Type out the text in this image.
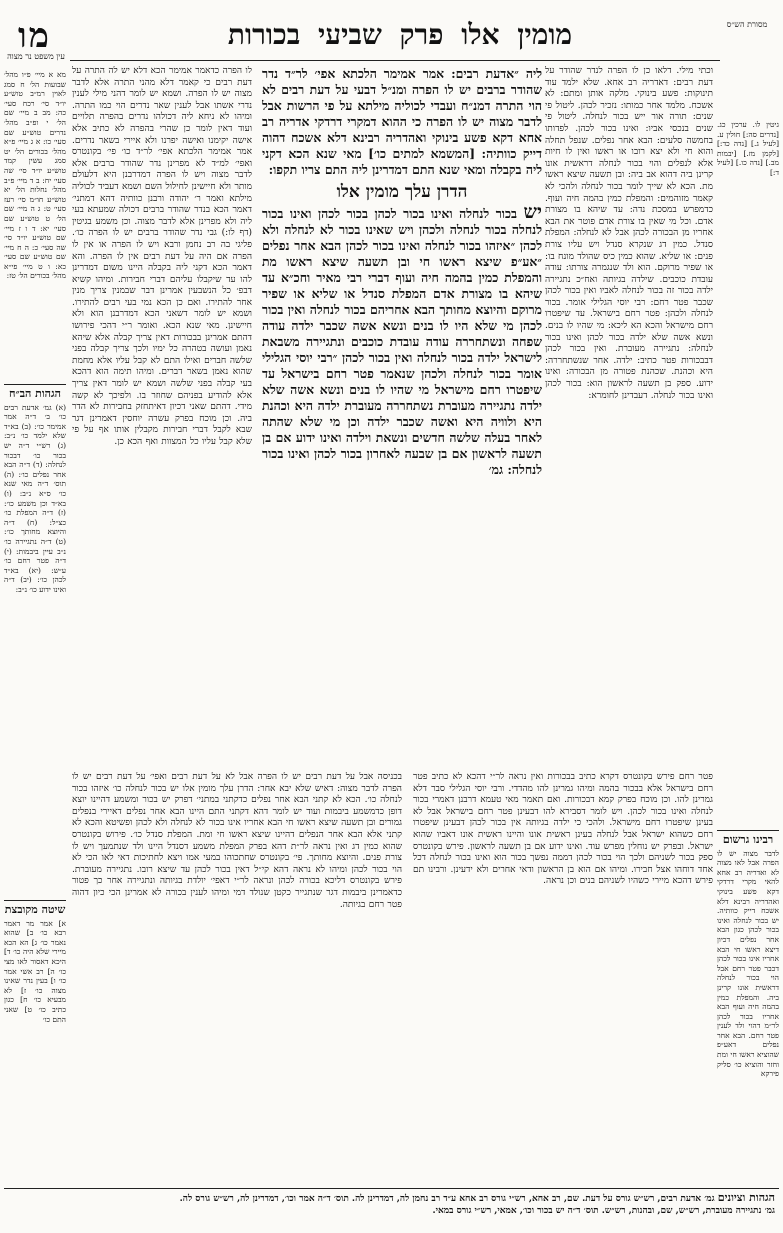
מו	מומין אלו פרק שביעי בכורות	מסורת הש״ס
עין משפט נר מצוה
וכתי מילי. דלאו כן לו הפרה לנדר שהודר על דעת רבים: דאדריה רב אחא. שלא ילמד עוד תינוקות: פשע בינוקי. מלקה אותן ומתם: לא אשכח. מלמד אחר כמותו: נזכיר לכהן. ליטול פי שנים: תורה אור ייש בכור לנחלה. ליטול פי שנים בנכסי אביו: ואינו בכור לכהן. לפדותו בחמשה סלעים: הבא אחר נפלים. שנפל תחלה והוא חי ולא יצא רובו או ראשו ואין לו חיות אלא לנפלים והוי בכור לנחלה דראשית אונו קרינן ביה דהוא אב ביה: ובן תשעה שיצא ראשו מת. הכא לא שייך לומר בכור לנחלה ולהכי לא קאמר מזוהמים: והמפלת כמין בהמה חיה ועוף. כדמפרש במסכת נדה: עד שיהא בו מצורת אדם. וכל מי שאין בו צורת אדם פוטר את הבא אחריו מן הבכורה לכהן אבל לא לנחלה: המפלת סנדל. כמין דג שנקרא סנדל ויש עליו צורת פנים: או שליא. שהוא כמין כיס שהולד מונח בו: או שפיר מרוקם. הוא ולד שנגמרה צורתו: עודה עובדת כוכבים. שילדה בגיותה ואח״כ נתגיירה ילדה בכור זה בכור לנחלה לאביו ואין בכור לכהן שכבר פטר רחם: רבי יוסי הגלילי אומר. בכור לנחלה ולכהן: פטר רחם בישראל. עד שיפטרו רחם מישראל והכא הא ליכא: מי שהיו לו בנים. ונשא אשה שלא ילדה בכור לכהן ואינו בכור לנחלה: נתגיירה מעוברת. ואין בכור לכהן דבבכורות פטר כתיב: ילדה. אחר שנשתחררה: היא וכהנת. שכהנת פטורה מן הבכורה: ואינו ידוע. ספק בן תשעה לראשון הוא: בכור לכהן ואינו בכור לנחלה. דעבדינן לחומרא:
גיטין לו. ערכין כג. [נדרים סה:] חולין ע. [לעיל ג.] [נדה כד:] [לקמן מז.] [יבמות מב.] [נדה כו.] [לעיל ד:]
ליה ״אדעת רבים: אמר אמימר הלכתא אפי׳ לר״ד נדר שהודר ברבים יש לו הפרה ומנ״ל דבעי על דעת רבים לא הוי התרה דמנ״ח ועבדי לכוליה מילתא על פי הרשות אבל לדבר מצוה יש לו הפרה כי ההוא דמקרי דרדקי אדריה רב אחא דקא פשע בינוקי ואהדריה רבינא דלא אשכח דהוה דייק כוותיה: [המשמא למתים כו׳] מאי שנא הכא דקני ליה בקבלה ומאי שנא התם דמדרינן ליה התם צריו תקפו:
הדרן עלך מומין אלו
יש בכור לנחלה ואינו בכור לכהן בכור לכהן ואינו בכור לנחלה בכור לנחלה ולכהן ויש שאינו בכור לא לנחלה ולא לכהן ״איזהו בכור לנחלה ואינו בכור לכהן הבא אחר נפלים ״אע״פ שיצא ראשו חי ובן תשעה שיצא ראשו מת והמפלת כמין בהמה חיה ועוף דברי רבי מאיר וחכ״א עד שיהא בו מצורת אדם המפלת סנדל או שליא או שפיר מרוקם והיוצא מחותך הבא אחריהם בכור לנחלה ואין בכור לכהן מי שלא היו לו בנים ונשא אשה שכבר ילדה עודה שפחה ונשתחררה עודה עובדת כוכבים ונתגיירה משבאת לישראל ילדה בכור לנחלה ואין בכור לכהן ״רבי יוסי הגלילי אומר בכור לנחלה ולכהן שנאמר פטר רחם בישראל עד שיפטרו רחם מישראל מי שהיו לו בנים ונשא אשה שלא ילדה נתגיירה מעוברת נשתחררה מעוברת ילדה היא וכהנת היא ולוויה היא ואשה שכבר ילדה וכן מי שלא שהתה לאחר בעלה שלשה חדשים ונשאת וילדה ואינו ידוע אם בן תשעה לראשון אם בן שבעה לאחרון בכור לכהן ואינו בכור לנחלה: גמ׳
לו הפרה כדאמר אמימר הכא דלא יש לה התרה על דעת רבים כי קאמר דלא מהני התרה אלא לדבר מצוה יש לו הפרה. ושמא יש לומר דהני מילי לענין נדרי אשתו אבל לענין שאר נדרים הוי כמו התרה. ומיהו לא ניחא ליה דכולהו נדרים בהפרה תלויים ועוד דאין לומר כן שהרי בהפרה לא כתיב אלא אישה יקימנו ואישה יפרנו ולא איירי בשאר נדרים. אמר אמימר הלכתא אפי׳ לר״ד כו׳ פי׳ בקונטרס ואפי׳ למ״ד לא מפרינן נדר שהודר ברבים אלא לדבר מצוה ויש לו הפרה דמדרבנן היא דלעולם מותר ולא חיישינן לחילול השם ושמא דעביד לכוליה מילתא ואמר ר׳ יהודה ורבנן כוותיה דהא דמתני׳ דאמר הכא בנדר שהודר ברבים דכולה שמעתא בעי ליה ולא מפרינן אלא לדבר מצוה. וכן משמע בגיטין (דף לו:) גבי נדר שהודר ברבים יש לו הפרה כו׳. פליגי בה רב נחמן ורבא ויש לו הפרה או אין לו הפרה אם היה על דעת רבים אין לו הפרה. והא דאמר הכא דקני ליה בקבלה היינו משום דמדרינן להו עד שיקבלו עליהם דברי חבירות. ומיהו קשיא דבפ׳ כל הנשבעין אמרינן דבר שבמנין צריך מנין אחר להתירו. ואם כן הכא נמי בעי רבים להתירו. ושמא יש לומר דשאני הכא דמדרבנן הוא ולא חיישינן. מאי שנא הכא. ואומר ר״י דהכי פירושו דהתם אמרינן בבכורות דאין צריך קבלה אלא שיהא נאמן ועושה בטהרה כל ימיו ולכך צריך קבלה בפני שלשה חברים ואילו התם לא קבל עליו אלא מחמת שהוא נאמן בשאר דברים. ומיהו תימה הוא דהכא בעי קבלה בפני שלשה ושמא יש לומר דאין צריך אלא להודיע בפניהם שחוזר בו. ולפיכך לא קשה מידי. דהתם שאני דכיון דאיתחזק בחבירות לא הדר ביה. וכן מוכח בפרק עשרה יוחסין דאמרינן דגר שבא לקבל דברי חבירות מקבלין אותו אף על פי שלא קבל עליו כל המצוות ואף הכא כן.
מא א מיי׳ פ״ו מהל׳ שבועות הל׳ ח סמג לאוין רמ״ב טוש״ע יו״ד סי׳ רכח סעי׳ כה: מב ב מיי׳ שם הל׳ י ופ״ב מהל׳ נדרים טוש״ע שם סעי׳ כו: א ג מיי׳ פ״א מהל׳ בכורים הל׳ יט סמג עשין קמד טוש״ע יו״ד סי׳ שה סעי׳ יח: ב ד מיי׳ פ״ב מהל׳ נחלות הל׳ יא טוש״ע חו״מ סי׳ רעז סעי׳ ט: ג ה מיי׳ שם הל׳ ט טוש״ע שם סעי׳ יא: ד ו ז מיי׳ שם טוש״ע יו״ד סי׳ שה סעי׳ כ: ה ח מיי׳ שם טוש״ע שם סעי׳ כא: ו ט מיי׳ פי״א מהל׳ בכורים הל׳ טז:
הגהות הב״ח
(א) גמ׳ אדעת רבים כו׳ ב׳ ד״ה אמר אמימר כו׳: (ב) בא״ד שלא ילמד כו׳ נ״ב: (ג) רש״י ד״ה יש בכור כו׳ דבכור לנחלה: (ד) ד״ה הבא אחר נפלים כו׳: (ה) תוס׳ ד״ה מאי שנא כו׳ ס״א נ״ב: (ו) בא״ד וכן משמע כו׳: (ז) ד״ה המפלת כו׳ כצ״ל: (ח) ד״ה והיוצא מחותך כו׳: (ט) ד״ה נתגיירה כו׳ נ״ב עיין ביבמות: (י) ד״ה פטר רחם כו׳ ע״ש: (יא) בא״ד לכהן כו׳: (יב) ד״ה ואינו ידוע כו׳ נ״ב:
שיטה מקובצת
א] אמר מר דאמר רבא כו׳ ב] שהוא נאמר כו׳ ג] הא הכא מיירי שלא היה כו׳ ד] היכא דאסור לאו מצי כו׳ ה] רב אשי אמר כו׳ ו] בעין נדר שאינו מצוה כו׳ ז] לא מבעיא כו׳ ח] כגון כתיב כו׳ ט] שאני התם כו׳
בכניסה אבל על דעת רבים יש לו הפרה אבל לא על דעת רבים ואפי׳ על דעת רבים יש לו הפרה לדבר מצוה: דאיש שלא יבא אחר: הדרן עלך מומין אלו יש בכור לנחלה כו׳ איזהו בכור לנחלה כו׳. הכא לא קתני הבא אחר נפלים כדקתני במתני׳ דפרק יש בכור ומשמע דהיינו יוצא דופן כדמשמע ביבמות ועוד יש לומר דהא דקתני התם היינו הבא אחר נפלים דאיירי בנפלים גמורים ובן תשעה שיצא ראשו חי הבא אחריו אינו בכור לא לנחלה ולא לכהן ופשיטא והכא לא קתני אלא הבא אחר הנפלים דהיינו שיצא ראשו חי ומת. המפלת סנדל כו׳. פירוש בקונטרס שהוא כמין דג ואין נראה לר״ת דהא בפרק המפלת משמע דסנדל היינו ולד שנתמעך ויש לו צורת פנים. והיוצא מחותך. פי׳ בקונטרס שחתכוהו במעי אמו ויצא לחתיכות דאי לאו הכי לא הוי בכור לכהן ומיהו לא נראה דהא קי״ל דאין בכור לכהן עד שיצא רובו. נתגיירה מעוברת. פירש בקונטרס דליכא בכורה לכהן ונראה לר״י דאפי׳ יולדת בגיותה ונתגיירה אחר כך פטור כדאמרינן ביבמות דגר שנתגייר כקטן שנולד דמי ומיהו לענין בכורה לא אמרינן הכי כיון דהוה פטר רחם בגיותה.
פטר רחם פירש בקונטרס דקרא כתיב בבכורות ואין נראה לר״י דהכא לא כתיב פטר רחם בישראל אלא בבכור בהמה ומיהו גמרינן להו מהדדי. ורבי יוסי הגלילי סבר דלא גמרינן להו. וכן מוכח בפרק קמא דבכורות. ואם תאמר מאי טעמא דרבנן דאמרי בכור לנחלה ואינו בכור לכהן. ויש לומר דסבירא להו דבעינן פטר רחם בישראל אבל לא בעינן שיפטרו רחם מישראל. ולהכי כי ילדה בגיותה אין בכור לכהן דבעינן שיפטרו רחם כשהוא ישראל אבל לנחלה בעינן ראשית אונו והיינו ראשית אונו דאביו שהוא ישראל. ובפרק יש נוחלין מפרש עוד. ואינו ידוע אם בן תשעה לראשון. פירש בקונטרס ספק בכור לשניהם ולכך הוי בכור לכהן דממה נפשך בכור הוא ואינו בכור לנחלה דכל אחד דוחהו אצל חבירו. ומיהו אם הוא בן הראשון ודאי אחרים ולא ידעינן. ורבינו תם פירש דהכא מיירי כשהיו לשניהם בנים וכן נראה.
רבינו גרשום
לדבר מצוה יש לו הפרה אבל לאו מצוה לא ואדריה רב אחא להאי מקרי דרדקי דקא פשע בינוקי ואהדריה רבינא דלא אשכח דייק כוותיה. יש בכור לנחלה ואינו בכור לכהן כגון הבא אחר נפלים דכיון דיצא ראשו חי הבא אחריו אינו בכור לכהן דכבר פטר רחם אבל הוי בכור לנחלה דראשית אונו קרינן ביה. והמפלת כמין בהמה חיה ועוף הבא אחריו בכור לכהן לר״מ דהוי ולד לענין פטר רחם. הבא אחר נפלים דאע״פ שהוציא ראשו חי ומת וחזר והוציא כו׳ סליק פירקא
הגהות וציונים גמ׳ אדעת רבים, רש״ש גורס על דעת. שם, רב אחא, רש״י גורס רב אחא ע״ד רב נחמן לה, דמדרינן לה. תוס׳ ד״ה אמר וכו׳, דמדרינן לה, רש״ש גורס לה.
גמ׳ נתגיירה מעוברת, רש״ש, שם, ובהנות, רש״ש. תוס׳ ד״ה יש בכור וכו׳, אמאי, רש״י גורס במאי.
